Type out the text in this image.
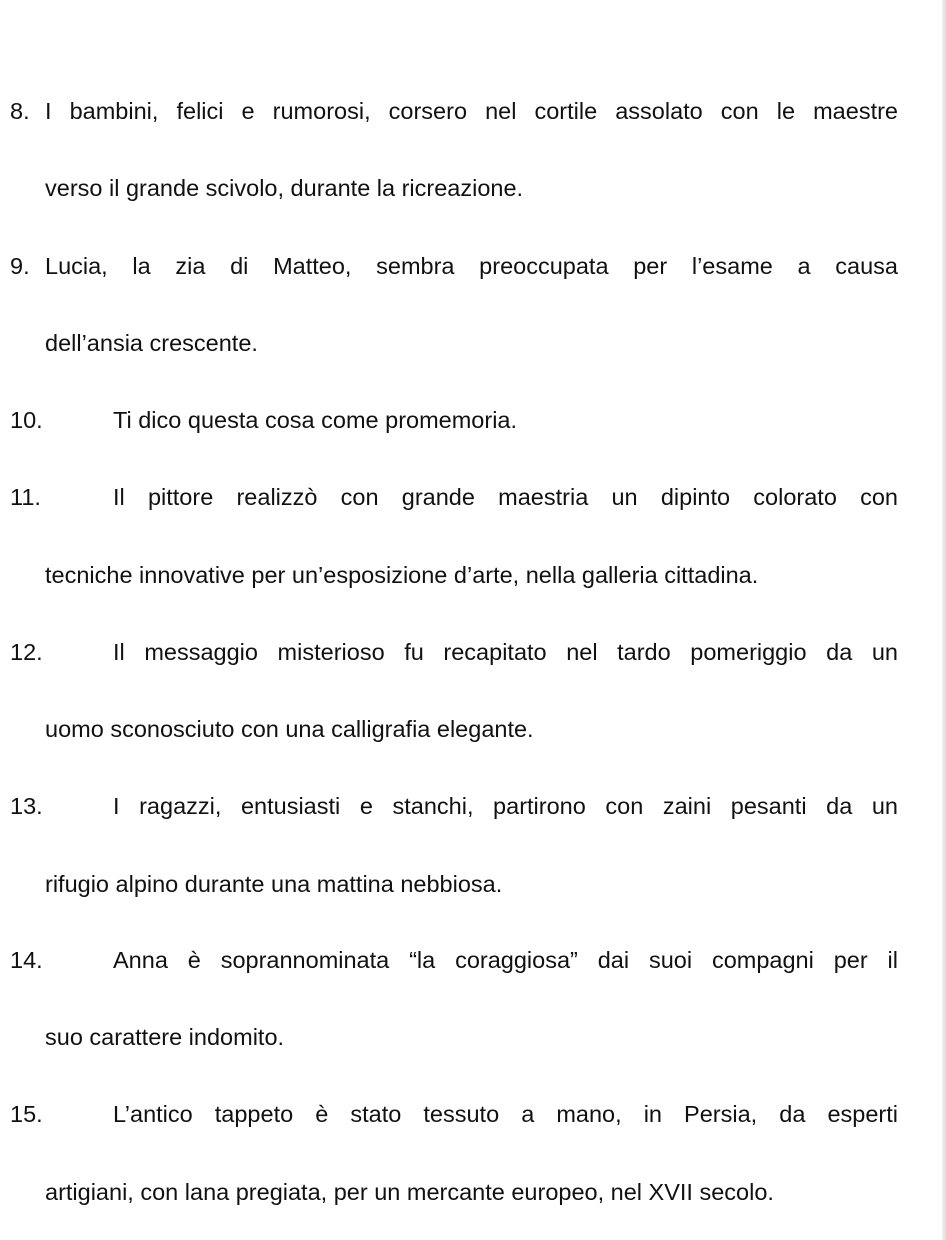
8. I bambini, felici e rumorosi, corsero nel cortile assolato con le maestre
verso il grande scivolo, durante la ricreazione.
9. Lucia, la zia di Matteo, sembra preoccupata per l’esame a causa
dell’ansia crescente.
10.	Ti dico questa cosa come promemoria.
11.	Il pittore realizzò con grande maestria un dipinto colorato con
tecniche innovative per un’esposizione d’arte, nella galleria cittadina.
12.	Il messaggio misterioso fu recapitato nel tardo pomeriggio da un
uomo sconosciuto con una calligrafia elegante.
13.	I ragazzi, entusiasti e stanchi, partirono con zaini pesanti da un
rifugio alpino durante una mattina nebbiosa.
14.	Anna è soprannominata “la coraggiosa” dai suoi compagni per il
suo carattere indomito.
15.	L’antico tappeto è stato tessuto a mano, in Persia, da esperti
artigiani, con lana pregiata, per un mercante europeo, nel XVII secolo.
